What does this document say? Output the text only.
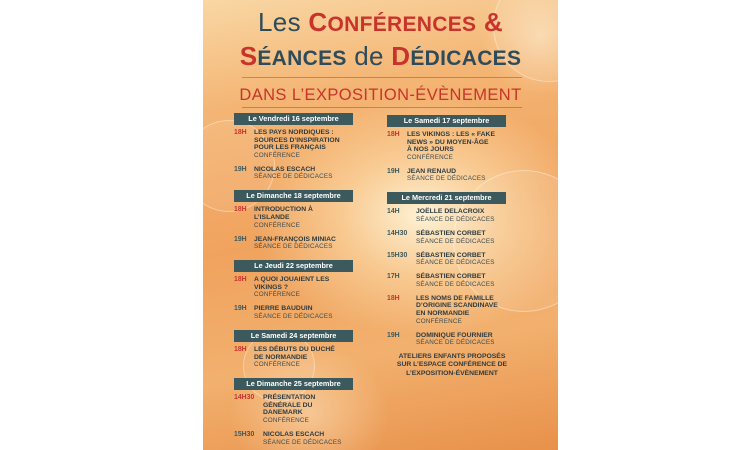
Les CONFÉRENCES &
SÉANCES de DÉDICACES
DANS L’EXPOSITION-ÉVÈNEMENT
Le Vendredi 16 septembre
18H	LES PAYS NORDIQUES : SOURCES D’INSPIRATION POUR LES FRANÇAIS
CONFÉRENCE
19H	NICOLAS ESCACH
SÉANCE DE DÉDICACES
Le Dimanche 18 septembre
18H	INTRODUCTION À L’ISLANDE
CONFÉRENCE
19H	JEAN-FRANÇOIS MINIAC
SÉANCE DE DÉDICACES
Le Jeudi 22 septembre
18H	A QUOI JOUAIENT LES VIKINGS ?
CONFÉRENCE
19H	PIERRE BAUDUIN
SÉANCE DE DÉDICACES
Le Samedi 24 septembre
18H	LES DÉBUTS DU DUCHÉ DE NORMANDIE
CONFÉRENCE
Le Dimanche 25 septembre
14H30	PRÉSENTATION GÉNÉRALE DU DANEMARK
CONFÉRENCE
15H30	NICOLAS ESCACH
SÉANCE DE DÉDICACES
Le Samedi 17 septembre
18H	LES VIKINGS : LES « FAKE NEWS » DU MOYEN-ÂGE À NOS JOURS
CONFÉRENCE
19H	JEAN RENAUD
SÉANCE DE DÉDICACES
Le Mercredi 21 septembre
14H	JOËLLE DELACROIX
SÉANCE DE DÉDICACES
14H30	SÉBASTIEN CORBET
SÉANCE DE DÉDICACES
15H30	SÉBASTIEN CORBET
SÉANCE DE DÉDICACES
17H	SÉBASTIEN CORBET
SÉANCE DE DÉDICACES
18H	LES NOMS DE FAMILLE D’ORIGINE SCANDINAVE EN NORMANDIE
CONFÉRENCE
19H	DOMINIQUE FOURNIER
SÉANCE DE DÉDICACES
ATELIERS ENFANTS PROPOSÉS SUR L’ESPACE CONFÉRENCE DE L’EXPOSITION-ÉVÈNEMENT
